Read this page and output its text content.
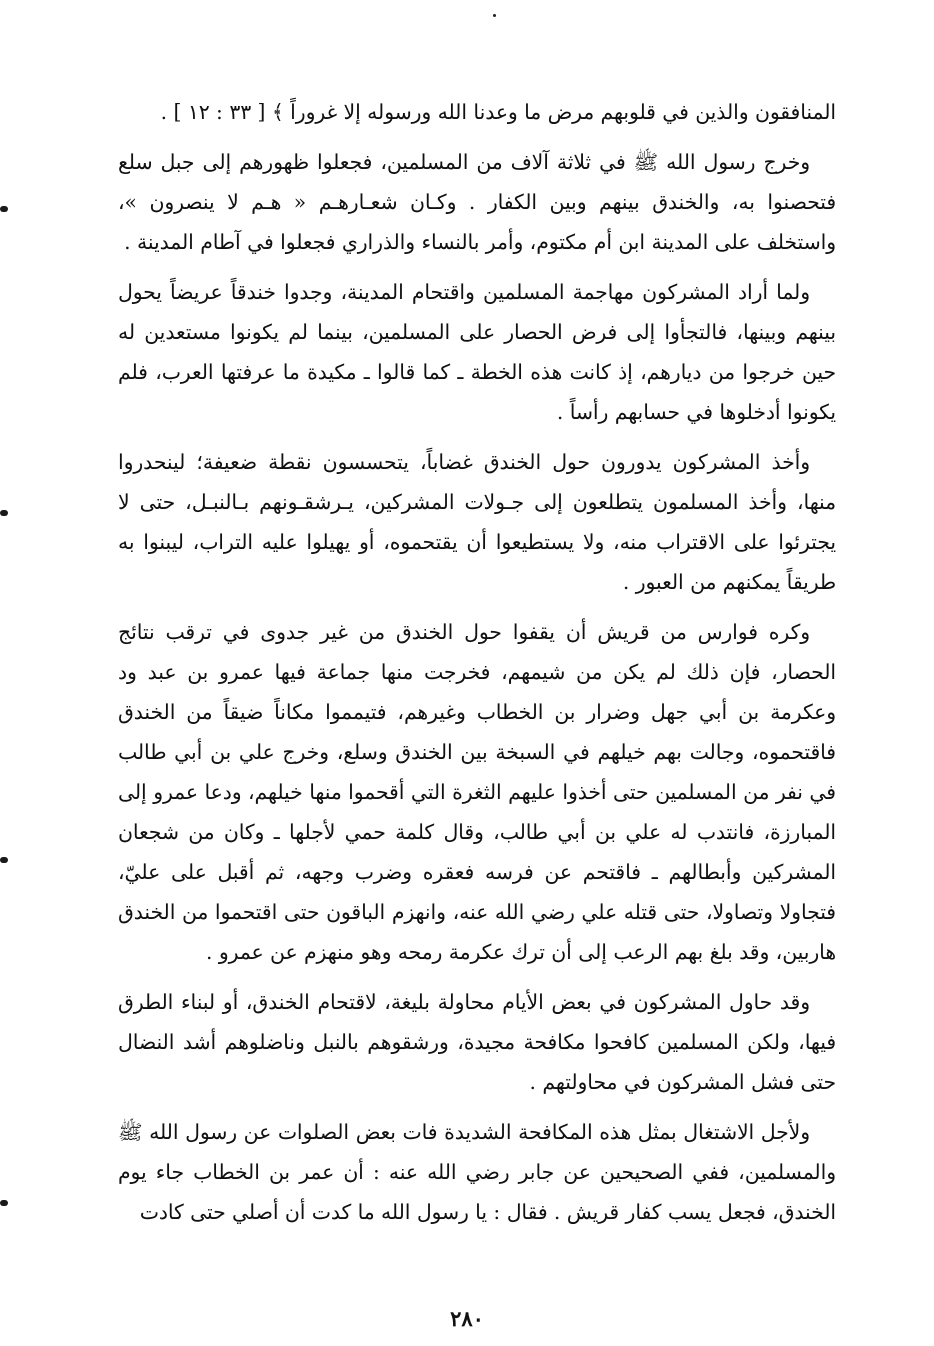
المنافقون والذين في قلوبهم مرض ما وعدنا الله ورسوله إلا غروراً ﴾ [ ٣٣ : ١٢ ] .

وخرج رسول الله ﷺ في ثلاثة آلاف من المسلمين، فجعلوا ظهورهم إلى جبل سلع فتحصنوا به، والخندق بينهم وبين الكفار . وكـان شعـارهـم « هـم لا ينصرون »، واستخلف على المدينة ابن أم مكتوم، وأمر بالنساء والذراري فجعلوا في آطام المدينة .

ولما أراد المشركون مهاجمة المسلمين واقتحام المدينة، وجدوا خندقاً عريضاً يحول بينهم وبينها، فالتجأوا إلى فرض الحصار على المسلمين، بينما لم يكونوا مستعدين له حين خرجوا من ديارهم، إذ كانت هذه الخطة ـ كما قالوا ـ مكيدة ما عرفتها العرب، فلم يكونوا أدخلوها في حسابهم رأساً .

وأخذ المشركون يدورون حول الخندق غضاباً، يتحسسون نقطة ضعيفة؛ لينحدروا منها، وأخذ المسلمون يتطلعون إلى جـولات المشركين، يـرشقـونهم بـالنبـل، حتى لا يجترئوا على الاقتراب منه، ولا يستطيعوا أن يقتحموه، أو يهيلوا عليه التراب، ليبنوا به طريقاً يمكنهم من العبور .

وكره فوارس من قريش أن يقفوا حول الخندق من غير جدوى في ترقب نتائج الحصار، فإن ذلك لم يكن من شيمهم، فخرجت منها جماعة فيها عمرو بن عبد ود وعكرمة بن أبي جهل وضرار بن الخطاب وغيرهم، فتيمموا مكاناً ضيقاً من الخندق فاقتحموه، وجالت بهم خيلهم في السبخة بين الخندق وسلع، وخرج علي بن أبي طالب في نفر من المسلمين حتى أخذوا عليهم الثغرة التي أقحموا منها خيلهم، ودعا عمرو إلى المبارزة، فانتدب له علي بن أبي طالب، وقال كلمة حمي لأجلها ـ وكان من شجعان المشركين وأبطالهم ـ فاقتحم عن فرسه فعقره وضرب وجهه، ثم أقبل على عليّ، فتجاولا وتصاولا، حتى قتله علي رضي الله عنه، وانهزم الباقون حتى اقتحموا من الخندق هاربين، وقد بلغ بهم الرعب إلى أن ترك عكرمة رمحه وهو منهزم عن عمرو .

وقد حاول المشركون في بعض الأيام محاولة بليغة، لاقتحام الخندق، أو لبناء الطرق فيها، ولكن المسلمين كافحوا مكافحة مجيدة، ورشقوهم بالنبل وناضلوهم أشد النضال حتى فشل المشركون في محاولتهم .

ولأجل الاشتغال بمثل هذه المكافحة الشديدة فات بعض الصلوات عن رسول الله ﷺ والمسلمين، ففي الصحيحين عن جابر رضي الله عنه : أن عمر بن الخطاب جاء يوم الخندق، فجعل يسب كفار قريش . فقال : يا رسول الله ما كدت أن أصلي حتى كادت

٢٨٠
